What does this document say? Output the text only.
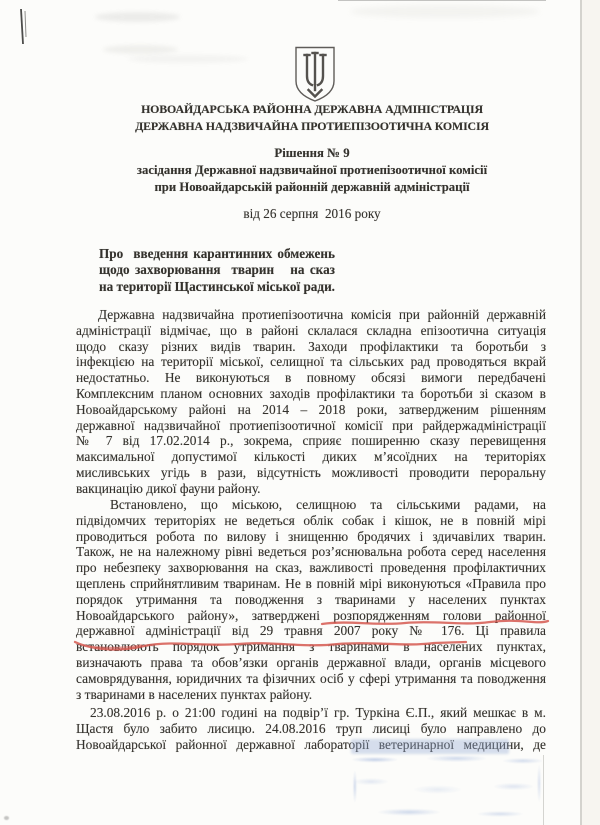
НОВОАЙДАРСЬКА РАЙОННА ДЕРЖАВНА АДМІНІСТРАЦІЯ
ДЕРЖАВНА НАДЗВИЧАЙНА ПРОТИЕПІЗООТИЧНА КОМІСІЯ
Рішення № 9
засідання Державної надзвичайної протиепізоотичної комісії
при Новоайдарській районній державній адміністрації
від 26 серпня  2016 року
Про  введення карантинних обмежень
щодо захворювання  тварин   на сказ
на території Щастинської міської ради.
Державна надзвичайна протиепізоотична комісія при районній державній
адміністрації відмічає, що в районі склалася складна епізоотична ситуація
щодо сказу різних видів тварин. Заходи профілактики та боротьби з
інфекцією на території міської, селищної та сільських рад проводяться вкрай
недостатньо. Не виконуються в повному обсязі вимоги передбачені
Комплексним планом основних заходів профілактики та боротьби зі сказом в
Новоайдарському районі на 2014 – 2018 роки, затвердженим рішенням
державної надзвичайної протиепізоотичної комісії при райдержадміністрації
№ 7 від 17.02.2014 р., зокрема, сприяє поширенню сказу перевищення
максимальної допустимої кількості диких м’ясоїдних на територіях
мисливських угідь в рази, відсутність можливості проводити пероральну
вакцинацію дикої фауни району.
Встановлено, що міською, селищною та сільськими радами, на
підвідомчих територіях не ведеться облік собак і кішок, не в повній мірі
проводиться робота по вилову і знищенню бродячих і здичавілих тварин.
Також, не на належному рівні ведеться роз’яснювальна робота серед населення
про небезпеку захворювання на сказ, важливості проведення профілактичних
щеплень сприйнятливим тваринам. Не в повній мірі виконуються «Правила про
порядок утримання та поводження з тваринами у населених пунктах
Новоайдарського району», затверджені розпорядженням голови районної
державної адміністрації від 29 травня 2007 року № 176. Ці правила
встановлюють порядок утримання з тваринами в населених пунктах,
визначають права та обов’язки органів державної влади, органів місцевого
самоврядування, юридичних та фізичних осіб у сфері утримання та поводження
з тваринами в населених пунктах району.
23.08.2016 р. о 21:00 годині на подвір’ї гр. Туркіна Є.П., який мешкає в м.
Щастя було забито лисицю. 24.08.2016 труп лисиці було направлено до
Новоайдарської районної державної лабораторії ветеринарної медицини, де
